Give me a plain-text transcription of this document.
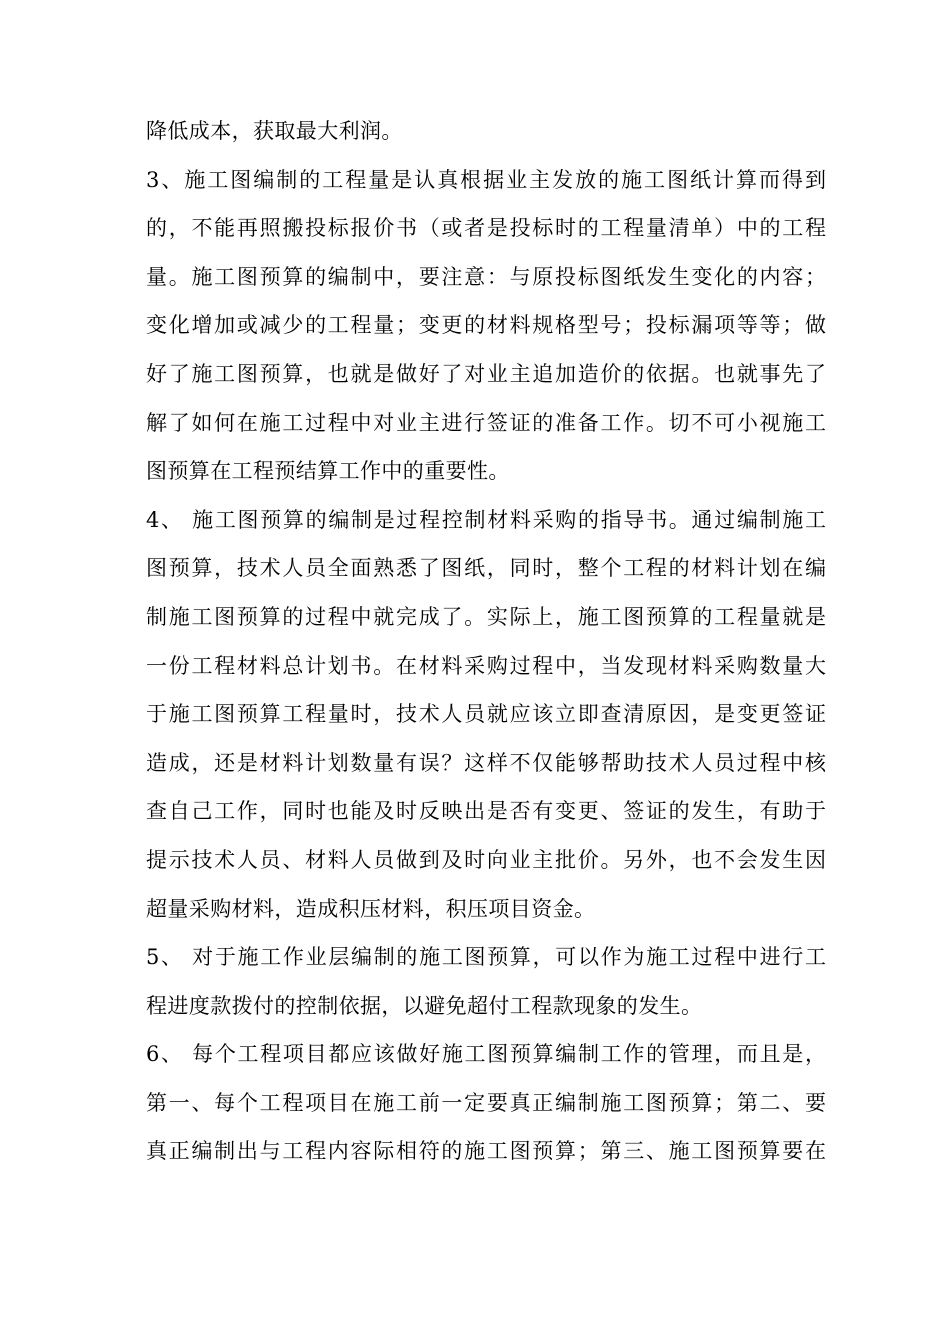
降低成本，获取最大利润。
3、施工图编制的工程量是认真根据业主发放的施工图纸计算而得到
的，不能再照搬投标报价书（或者是投标时的工程量清单）中的工程
量。施工图预算的编制中，要注意：与原投标图纸发生变化的内容；
变化增加或减少的工程量；变更的材料规格型号；投标漏项等等；做
好了施工图预算，也就是做好了对业主追加造价的依据。也就事先了
解了如何在施工过程中对业主进行签证的准备工作。切不可小视施工
图预算在工程预结算工作中的重要性。
4、 施工图预算的编制是过程控制材料采购的指导书。通过编制施工
图预算，技术人员全面熟悉了图纸，同时，整个工程的材料计划在编
制施工图预算的过程中就完成了。实际上，施工图预算的工程量就是
一份工程材料总计划书。在材料采购过程中，当发现材料采购数量大
于施工图预算工程量时，技术人员就应该立即查清原因，是变更签证
造成，还是材料计划数量有误？这样不仅能够帮助技术人员过程中核
查自己工作，同时也能及时反映出是否有变更、签证的发生，有助于
提示技术人员、材料人员做到及时向业主批价。另外，也不会发生因
超量采购材料，造成积压材料，积压项目资金。
5、 对于施工作业层编制的施工图预算，可以作为施工过程中进行工
程进度款拨付的控制依据，以避免超付工程款现象的发生。
6、 每个工程项目都应该做好施工图预算编制工作的管理，而且是，
第一、每个工程项目在施工前一定要真正编制施工图预算；第二、要
真正编制出与工程内容际相符的施工图预算；第三、施工图预算要在
